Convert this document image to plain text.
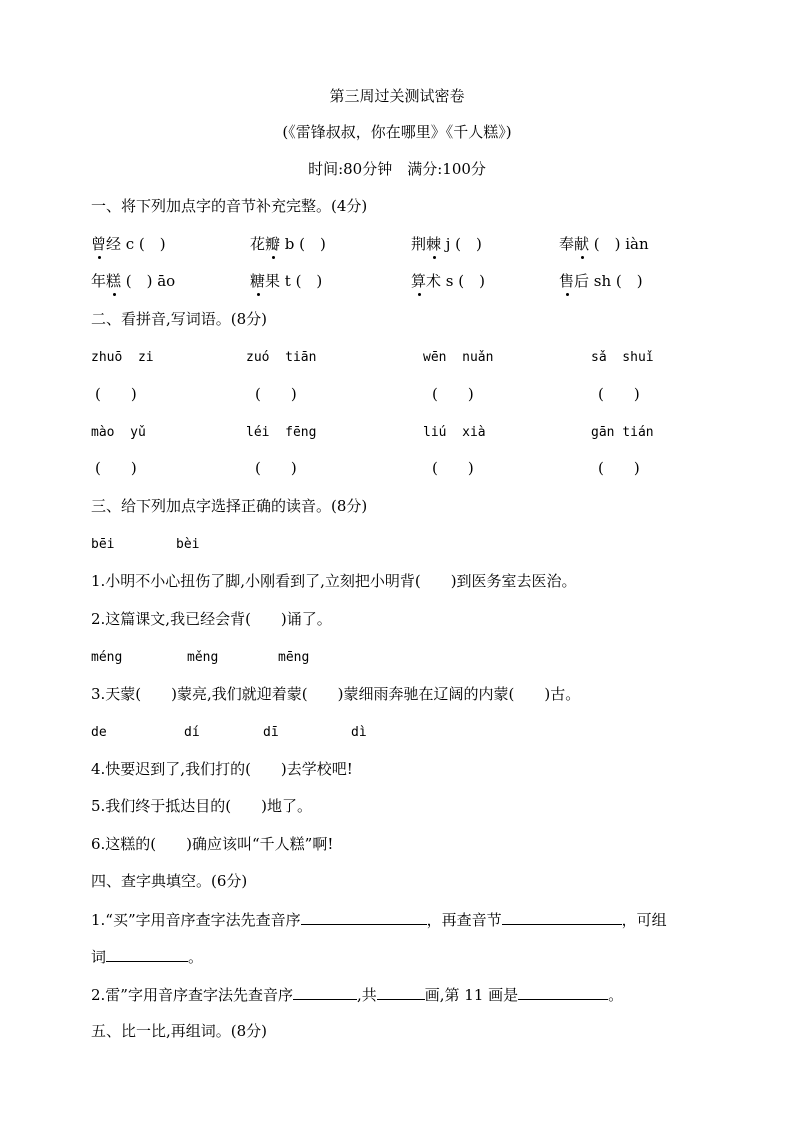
第三周过关测试密卷
(《雷锋叔叔，你在哪里》《千人糕》)
时间:80分钟　满分:100分
一、将下列加点字的音节补充完整。(4分)
曾经 c (　)	花瓣 b (　)	荆棘 j (　)	奉献 (　) iàn
年糕 (　) āo	糖果 t (　)	算术 s (　)	售后 sh (　)
二、看拼音,写词语。(8分)
zhuō  zi	zuó  tiān	wēn  nuǎn	sǎ  shuǐ
(　　)	(　　)	(　　)	(　　)
mào  yǔ	léi  fēng	liú  xià	gān tián
(　　)	(　　)	(　　)	(　　)
三、给下列加点字选择正确的读音。(8分)
bēi	bèi
1.小明不小心扭伤了脚,小刚看到了,立刻把小明背(　　)到医务室去医治。
2.这篇课文,我已经会背(　　)诵了。
méng	měng	mēng
3.天蒙(　　)蒙亮,我们就迎着蒙(　　)蒙细雨奔驰在辽阔的内蒙(　　)古。
de	dí	dī	dì
4.快要迟到了,我们打的(　　)去学校吧!
5.我们终于抵达目的(　　)地了。
6.这糕的(　　)确应该叫“千人糕”啊!
四、查字典填空。(6分)
1.“买”字用音序查字法先查音序	，再查音节	，可组
词	。
2.雷”字用音序查字法先查音序	,共	画,第 11 画是	。
五、比一比,再组词。(8分)
